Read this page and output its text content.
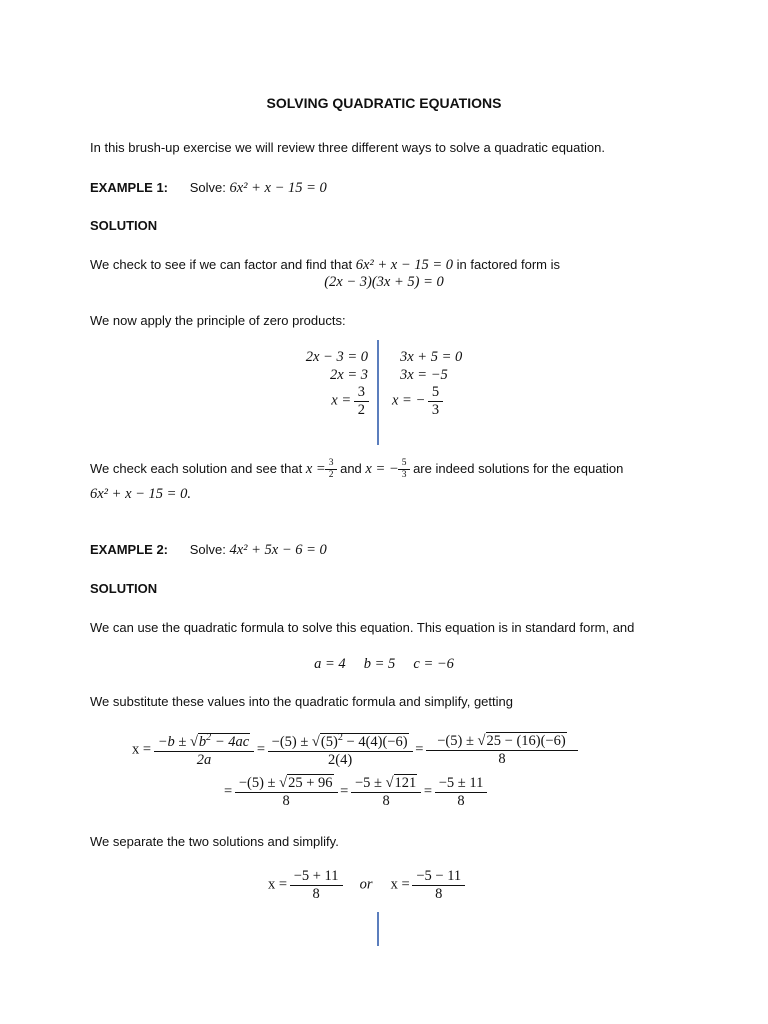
SOLVING QUADRATIC EQUATIONS
In this brush-up exercise we will review three different ways to solve a quadratic equation.
EXAMPLE 1: Solve: 6x² + x − 15 = 0
SOLUTION
We check to see if we can factor and find that 6x² + x − 15 = 0 in factored form is
(2x − 3)(3x + 5) = 0
We now apply the principle of zero products:
2x − 3 = 0
2x = 3
$x = \frac{3}{2}$
3x + 5 = 0
3x = −5
x = − $\frac{5}{3}$
We check each solution and see that $x = \frac{3}{2}$ and x = − $\frac{5}{3}$ are indeed solutions for the equation
6x² + x − 15 = 0.
EXAMPLE 2: Solve: 4x² + 5x − 6 = 0
SOLUTION
We can use the quadratic formula to solve this equation. This equation is in standard form, and
a = 4 b = 5 c = −6
We substitute these values into the quadratic formula and simplify, getting
$x = \frac{-b \pm √b^2 - 4ac}{2a} = \frac{-(5) \pm √(5)^2 - 4(4)(-6)}{2(4)} = \frac{-(5) \pm √25 - (16)(-6)}{8}$
= $\frac{-(5) \pm √25 + 96}{8} = \frac{-5 \pm √121}{8} = \frac{-5 \pm 11}{8}$
We separate the two solutions and simplify.
$x = \frac{-5 + 11}{8}$ or $x = \frac{-5 - 11}{8}$
